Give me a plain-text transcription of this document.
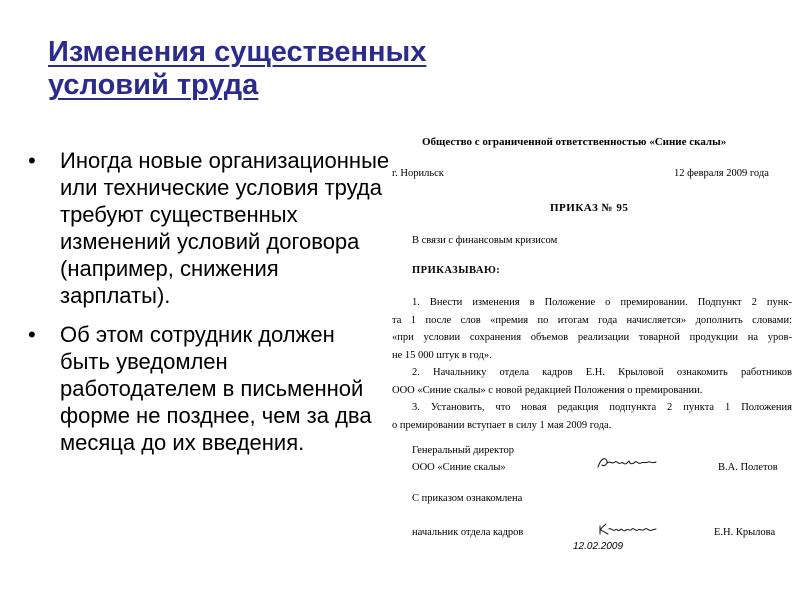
Изменения существенных
условий труда
• Иногда новые организационные или технические условия труда требуют существенных изменений условий договора (например, снижения зарплаты).
• Об этом сотрудник должен быть уведомлен работодателем в письменной форме не позднее, чем за два месяца до их введения.
Общество с ограниченной ответственностью «Синие скалы»
г. Норильск	12 февраля 2009 года
ПРИКАЗ № 95
В связи с финансовым кризисом
ПРИКАЗЫВАЮ:
1. Внести изменения в Положение о премировании. Подпункт 2 пунк-
та 1 после слов «премия по итогам года начисляется» дополнить словами:
«при условии сохранения объемов реализации товарной продукции на уров-
не 15 000 штук в год».
2. Начальнику отдела кадров Е.Н. Крыловой ознакомить работников
ООО «Синие скалы» с новой редакцией Положения о премировании.
3. Установить, что новая редакция подпункта 2 пункта 1 Положения
о премировании вступает в силу 1 мая 2009 года.
Генеральный директор
ООО «Синие скалы»	В.А. Полетов
С приказом ознакомлена
начальник отдела кадров	Е.Н. Крылова
12.02.2009
